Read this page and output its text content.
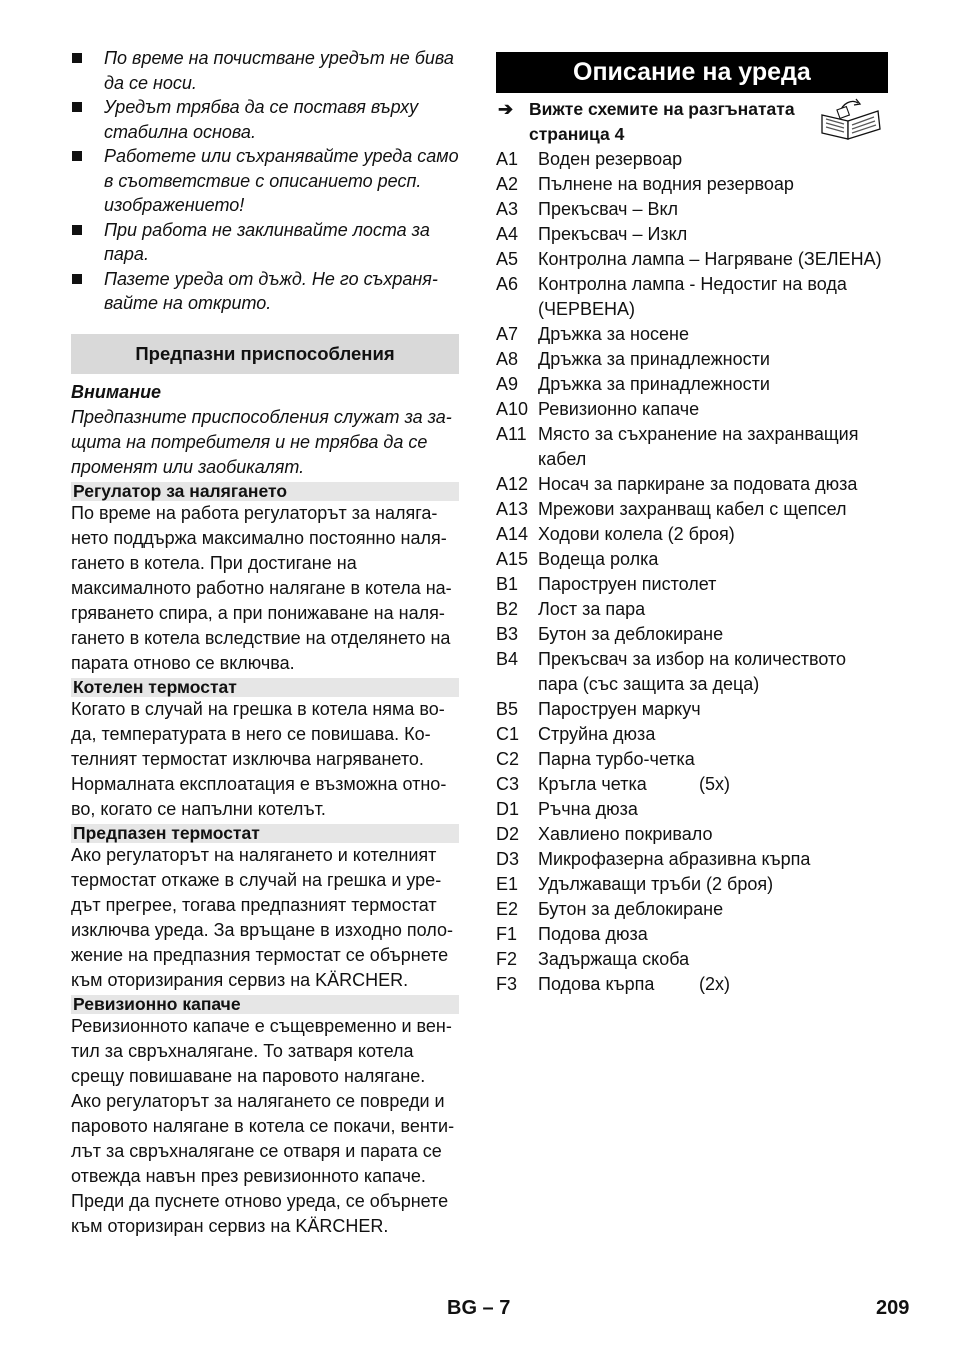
По време на почистване уредът не бива да се носи.
Уредът трябва да се поставя върху стабилна основа.
Работете или съхранявайте уреда само в съответствие с описанието респ. изображението!
При работа не заклинвайте лоста за пара.
Пазете уреда от дъжд. Не го съхраня-вайте на открито.
Предпазни приспособления
Внимание

Предпазните приспособления служат за за-щита на потребителя и не трябва да се променят или заобикалят.

Регулатор за налягането

По време на работа регулаторът за наляга-нето поддържа максимално постоянно наля-гането в котела. При достигане на максималното работно налягане в котела на-гряването спира, а при понижаване на наля-гането в котела вследствие на отделянето на парата отново се включва.

Котелен термостат

Когато в случай на грешка в котела няма во-да, температурата в него се повишава. Ко-телният термостат изключва нагряването. Нормалната експлоатация е възможна отно-во, когато се напълни котелът.

Предпазен термостат

Ако регулаторът на налягането и котелният термостат откаже в случай на грешка и уре-дът прегрее, тогава предпазният термостат изключва уреда. За връщане в изходно поло-жение на предпазния термостат се обърнете към оторизирания сервиз на KÄRCHER.

Ревизионно капаче

Ревизионното капаче е същевременно и вен-тил за свръхналягане. То затваря котела срещу повишаване на паровото налягане. Ако регулаторът за налягането се повреди и паровото налягане в котела се покачи, венти-лът за свръхналягане се отваря и парата се отвежда навън през ревизионното капаче. Преди да пуснете отново уреда, се обърнете към оторизиран сервиз на KÄRCHER.

Описание на уреда
➔ Вижте схемите на разгънатата страница 4
A1	Воден резервоар
A2	Пълнене на водния резервоар
A3	Прекъсвач – Вкл
A4	Прекъсвач – Изкл
A5	Контролна лампа – Нагряване (ЗЕЛЕНА)
A6	Контролна лампа - Недостиг на вода (ЧЕРВЕНА)
A7	Дръжка за носене
A8	Дръжка за принадлежности
A9	Дръжка за принадлежности
A10 Ревизионно капаче
A11 Място за съхранение на захранващия кабел
A12 Носач за паркиране за подовата дюза
A13 Мрежови захранващ кабел с щепсел
A14 Ходови колела (2 броя)
A15 Водеща ролка
B1	Пароструен пистолет
B2	Лост за пара
B3	Бутон за деблокиране
B4	Прекъсвач за избор на количеството пара (със защита за деца)
B5	Пароструен маркуч
C1	Струйна дюза
C2	Парна турбо-четка
C3	Кръгла четка	(5x)
D1	Ръчна дюза
D2	Хавлиено покривало
D3	Микрофазерна абразивна кърпа
E1	Удължаващи тръби (2 броя)
E2	Бутон за деблокиране
F1	Подова дюза
F2	Задържаща скоба
F3	Подова кърпа	(2x)
BG – 7	209
